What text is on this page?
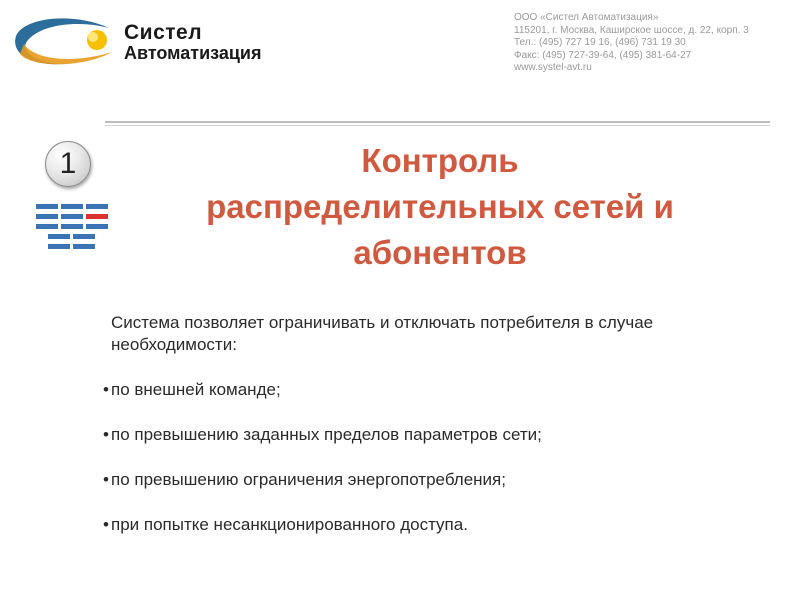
Систел
Автоматизация
ООО «Систел Автоматизация»
115201, г. Москва, Каширское шоссе, д. 22, корп. 3
Тел.: (495) 727 19 16, (496) 731 19 30
Факс: (495) 727-39-64, (495) 381-64-27
www.systel-avt.ru
1	Контроль
распределительных сетей и
абонентов
Система позволяет ограничивать и отключать потребителя в случае необходимости:
• по внешней команде;
• по превышению заданных пределов параметров сети;
• по превышению ограничения энергопотребления;
• при попытке несанкционированного доступа.
